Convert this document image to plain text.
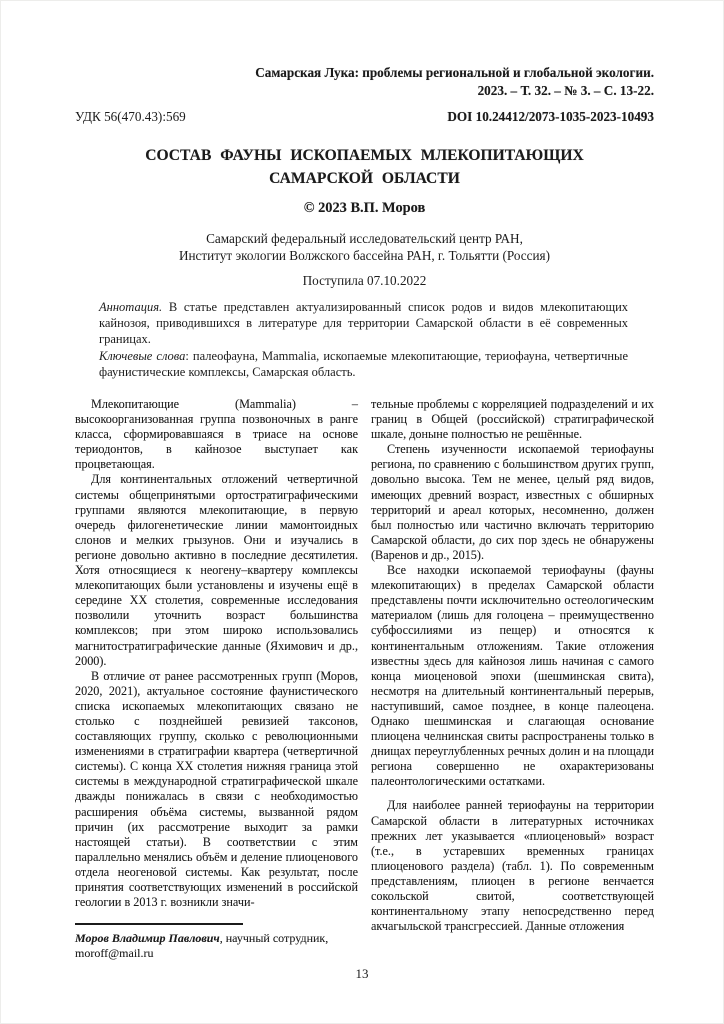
Самарская Лука: проблемы региональной и глобальной экологии.
2023. – Т. 32. – № 3. – С. 13-22.
УДК 56(470.43):569	DOI 10.24412/2073-1035-2023-10493
СОСТАВ ФАУНЫ ИСКОПАЕМЫХ МЛЕКОПИТАЮЩИХ
САМАРСКОЙ ОБЛАСТИ
© 2023 В.П. Моров
Самарский федеральный исследовательский центр РАН,
Институт экологии Волжского бассейна РАН, г. Тольятти (Россия)
Поступила 07.10.2022
Аннотация. В статье представлен актуализированный список родов и видов млекопитающих кайнозоя, приводившихся в литературе для территории Самарской области в её современных границах.
Ключевые слова: палеофауна, Mammalia, ископаемые млекопитающие, териофауна, четвертичные фаунистические комплексы, Самарская область.

Млекопитающие (Mammalia) – высокоорганизованная группа позвоночных в ранге класса, сформировавшаяся в триасе на основе териодонтов, в кайнозое выступает как процветающая.

Для континентальных отложений четвертичной системы общепринятыми ортостратиграфическими группами являются млекопитающие, в первую очередь филогенетические линии мамонтоидных слонов и мелких грызунов. Они и изучались в регионе довольно активно в последние десятилетия. Хотя относящиеся к неогену–квартеру комплексы млекопитающих были установлены и изучены ещё в середине XX столетия, современные исследования позволили уточнить возраст большинства комплексов; при этом широко использовались магнитостратиграфические данные (Яхимович и др., 2000).

В отличие от ранее рассмотренных групп (Моров, 2020, 2021), актуальное состояние фаунистического списка ископаемых млекопитающих связано не столько с позднейшей ревизией таксонов, составляющих группу, сколько с революционными изменениями в стратиграфии квартера (четвертичной системы). С конца XX столетия нижняя граница этой системы в международной стратиграфической шкале дважды понижалась в связи с необходимостью расширения объёма системы, вызванной рядом причин (их рассмотрение выходит за рамки настоящей статьи). В соответствии с этим параллельно менялись объём и деление плиоценового отдела неогеновой системы. Как результат, после принятия соответствующих изменений в российской геологии в 2013 г. возникли значи-

Моров Владимир Павлович, научный сотрудник,
moroff@mail.ru

тельные проблемы с корреляцией подразделений и их границ в Общей (российской) стратиграфической шкале, доныне полностью не решённые.

Степень изученности ископаемой териофауны региона, по сравнению с большинством других групп, довольно высока. Тем не менее, целый ряд видов, имеющих древний возраст, известных с обширных территорий и ареал которых, несомненно, должен был полностью или частично включать территорию Самарской области, до сих пор здесь не обнаружены (Варенов и др., 2015).

Все находки ископаемой териофауны (фауны млекопитающих) в пределах Самарской области представлены почти исключительно остеологическим материалом (лишь для голоцена – преимущественно субфоссилиями из пещер) и относятся к континентальным отложениям. Такие отложения известны здесь для кайнозоя лишь начиная с самого конца миоценовой эпохи (шешминская свита), несмотря на длительный континентальный перерыв, наступивший, самое позднее, в конце палеоцена. Однако шешминская и слагающая основание плиоцена челнинская свиты распространены только в днищах переуглубленных речных долин и на площади региона совершенно не охарактеризованы палеонтологическими остатками.

Для наиболее ранней териофауны на территории Самарской области в литературных источниках прежних лет указывается «плиоценовый» возраст (т.е., в устаревших временных границах плиоценового раздела) (табл. 1). По современным представлениям, плиоцен в регионе венчается сокольской свитой, соответствующей континентальному этапу непосредственно перед акчагыльской трансгрессией. Данные отложения

13
